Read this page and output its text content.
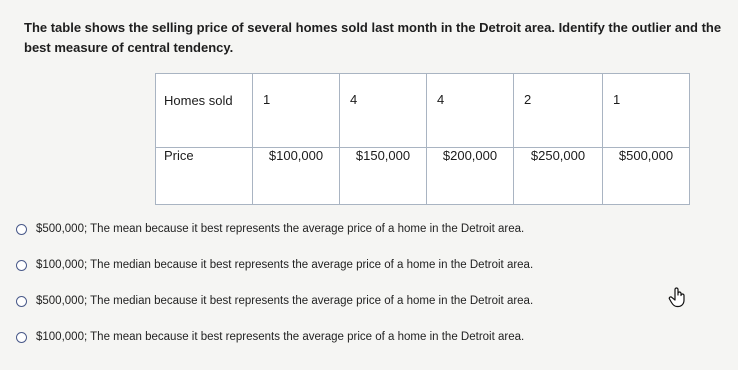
The table shows the selling price of several homes sold last month in the Detroit area. Identify the outlier and the best measure of central tendency.
Homes sold	1	4	4	2	1
Price	$100,000	$150,000	$200,000	$250,000	$500,000
$500,000; The mean because it best represents the average price of a home in the Detroit area.
$100,000; The median because it best represents the average price of a home in the Detroit area.
$500,000; The median because it best represents the average price of a home in the Detroit area.
$100,000; The mean because it best represents the average price of a home in the Detroit area.
